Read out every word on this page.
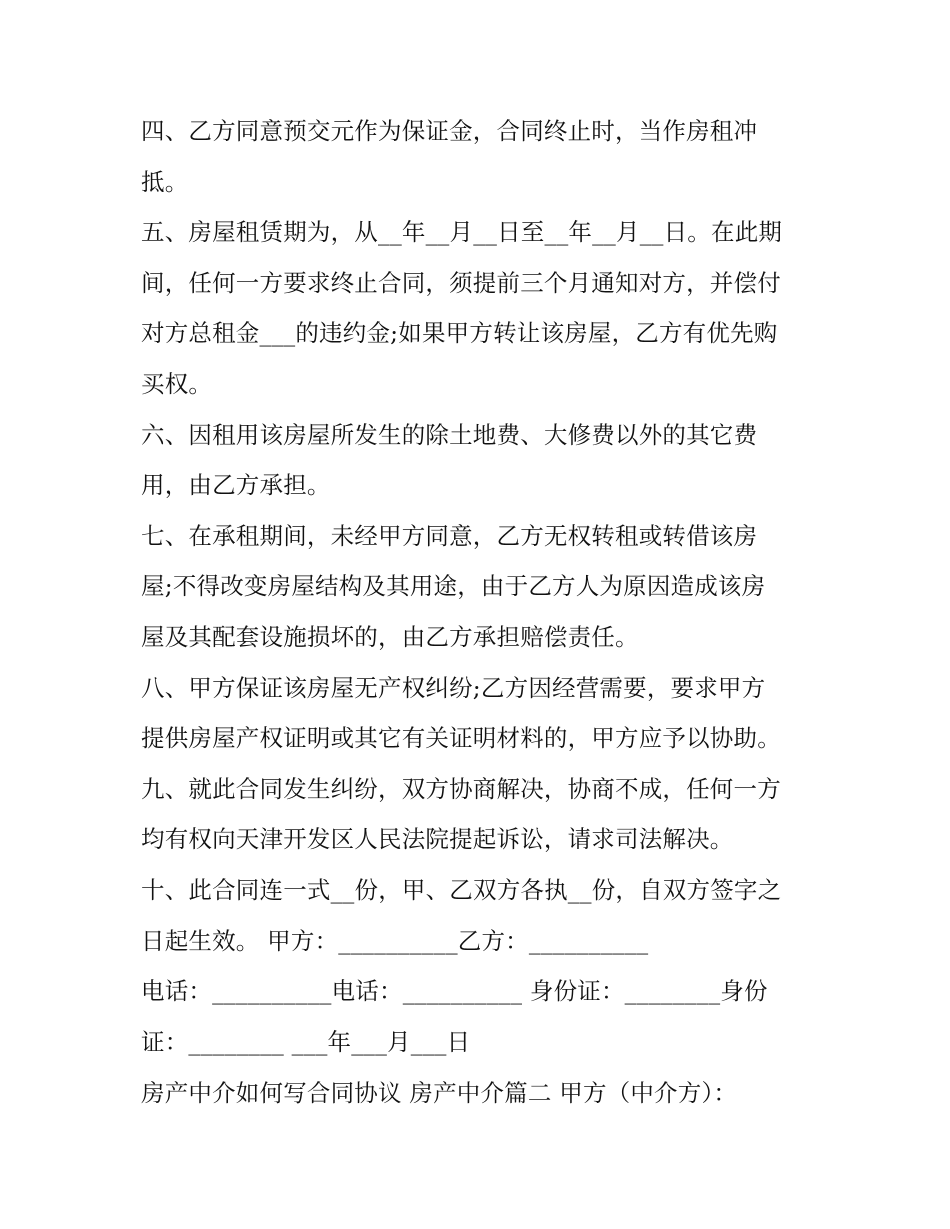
四、乙方同意预交元作为保证金，合同终止时，当作房租冲
抵。
五、房屋租赁期为，从__年__月__日至__年__月__日。在此期
间，任何一方要求终止合同，须提前三个月通知对方，并偿付
对方总租金___的违约金;如果甲方转让该房屋，乙方有优先购
买权。
六、因租用该房屋所发生的除土地费、大修费以外的其它费
用，由乙方承担。
七、在承租期间，未经甲方同意，乙方无权转租或转借该房
屋;不得改变房屋结构及其用途，由于乙方人为原因造成该房
屋及其配套设施损坏的，由乙方承担赔偿责任。
八、甲方保证该房屋无产权纠纷;乙方因经营需要，要求甲方
提供房屋产权证明或其它有关证明材料的，甲方应予以协助。
九、就此合同发生纠纷，双方协商解决，协商不成，任何一方
均有权向天津开发区人民法院提起诉讼，请求司法解决。
十、此合同连一式__份，甲、乙双方各执__份，自双方签字之
日起生效。 甲方：__________乙方：__________
电话：__________电话：__________ 身份证：________身份
证：________ ___年___月___日
房产中介如何写合同协议 房产中介篇二 甲方（中介方）：
